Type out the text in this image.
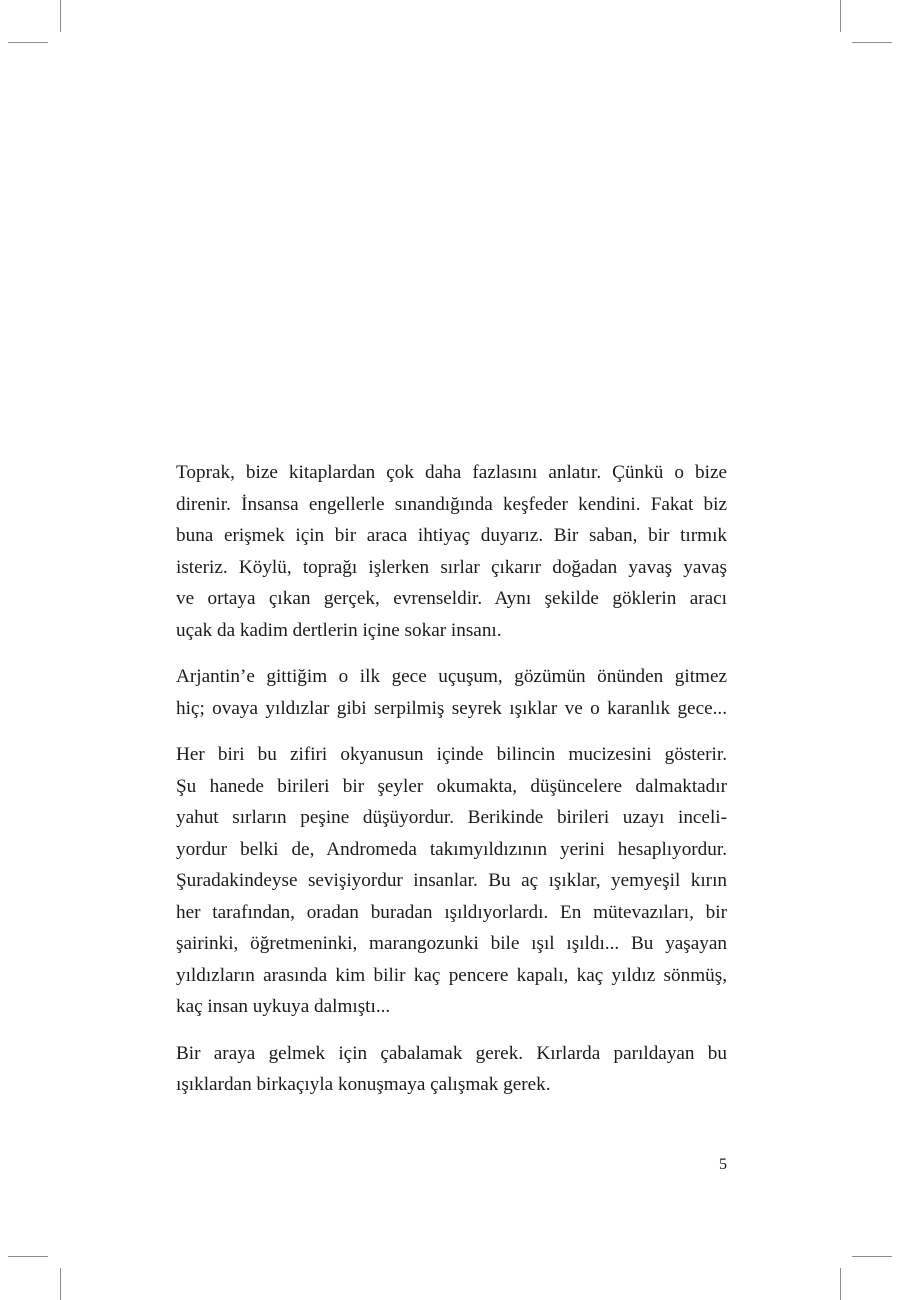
Toprak, bize kitaplardan çok daha fazlasını anlatır. Çünkü o bize
direnir. İnsansa engellerle sınandığında keşfeder kendini. Fakat biz
buna erişmek için bir araca ihtiyaç duyarız. Bir saban, bir tırmık
isteriz. Köylü, toprağı işlerken sırlar çıkarır doğadan yavaş yavaş
ve ortaya çıkan gerçek, evrenseldir. Aynı şekilde göklerin aracı
uçak da kadim dertlerin içine sokar insanı.

Arjantin’e gittiğim o ilk gece uçuşum, gözümün önünden gitmez
hiç; ovaya yıldızlar gibi serpilmiş seyrek ışıklar ve o karanlık gece...

Her biri bu zifiri okyanusun içinde bilincin mucizesini gösterir.
Şu hanede birileri bir şeyler okumakta, düşüncelere dalmaktadır
yahut sırların peşine düşüyordur. Berikinde birileri uzayı inceli-
yordur belki de, Andromeda takımyıldızının yerini hesaplıyordur.
Şuradakindeyse sevişiyordur insanlar. Bu aç ışıklar, yemyeşil kırın
her tarafından, oradan buradan ışıldıyorlardı. En mütevazıları, bir
şairinki, öğretmeninki, marangozunki bile ışıl ışıldı... Bu yaşayan
yıldızların arasında kim bilir kaç pencere kapalı, kaç yıldız sönmüş,
kaç insan uykuya dalmıştı...

Bir araya gelmek için çabalamak gerek. Kırlarda parıldayan bu
ışıklardan birkaçıyla konuşmaya çalışmak gerek.

5
